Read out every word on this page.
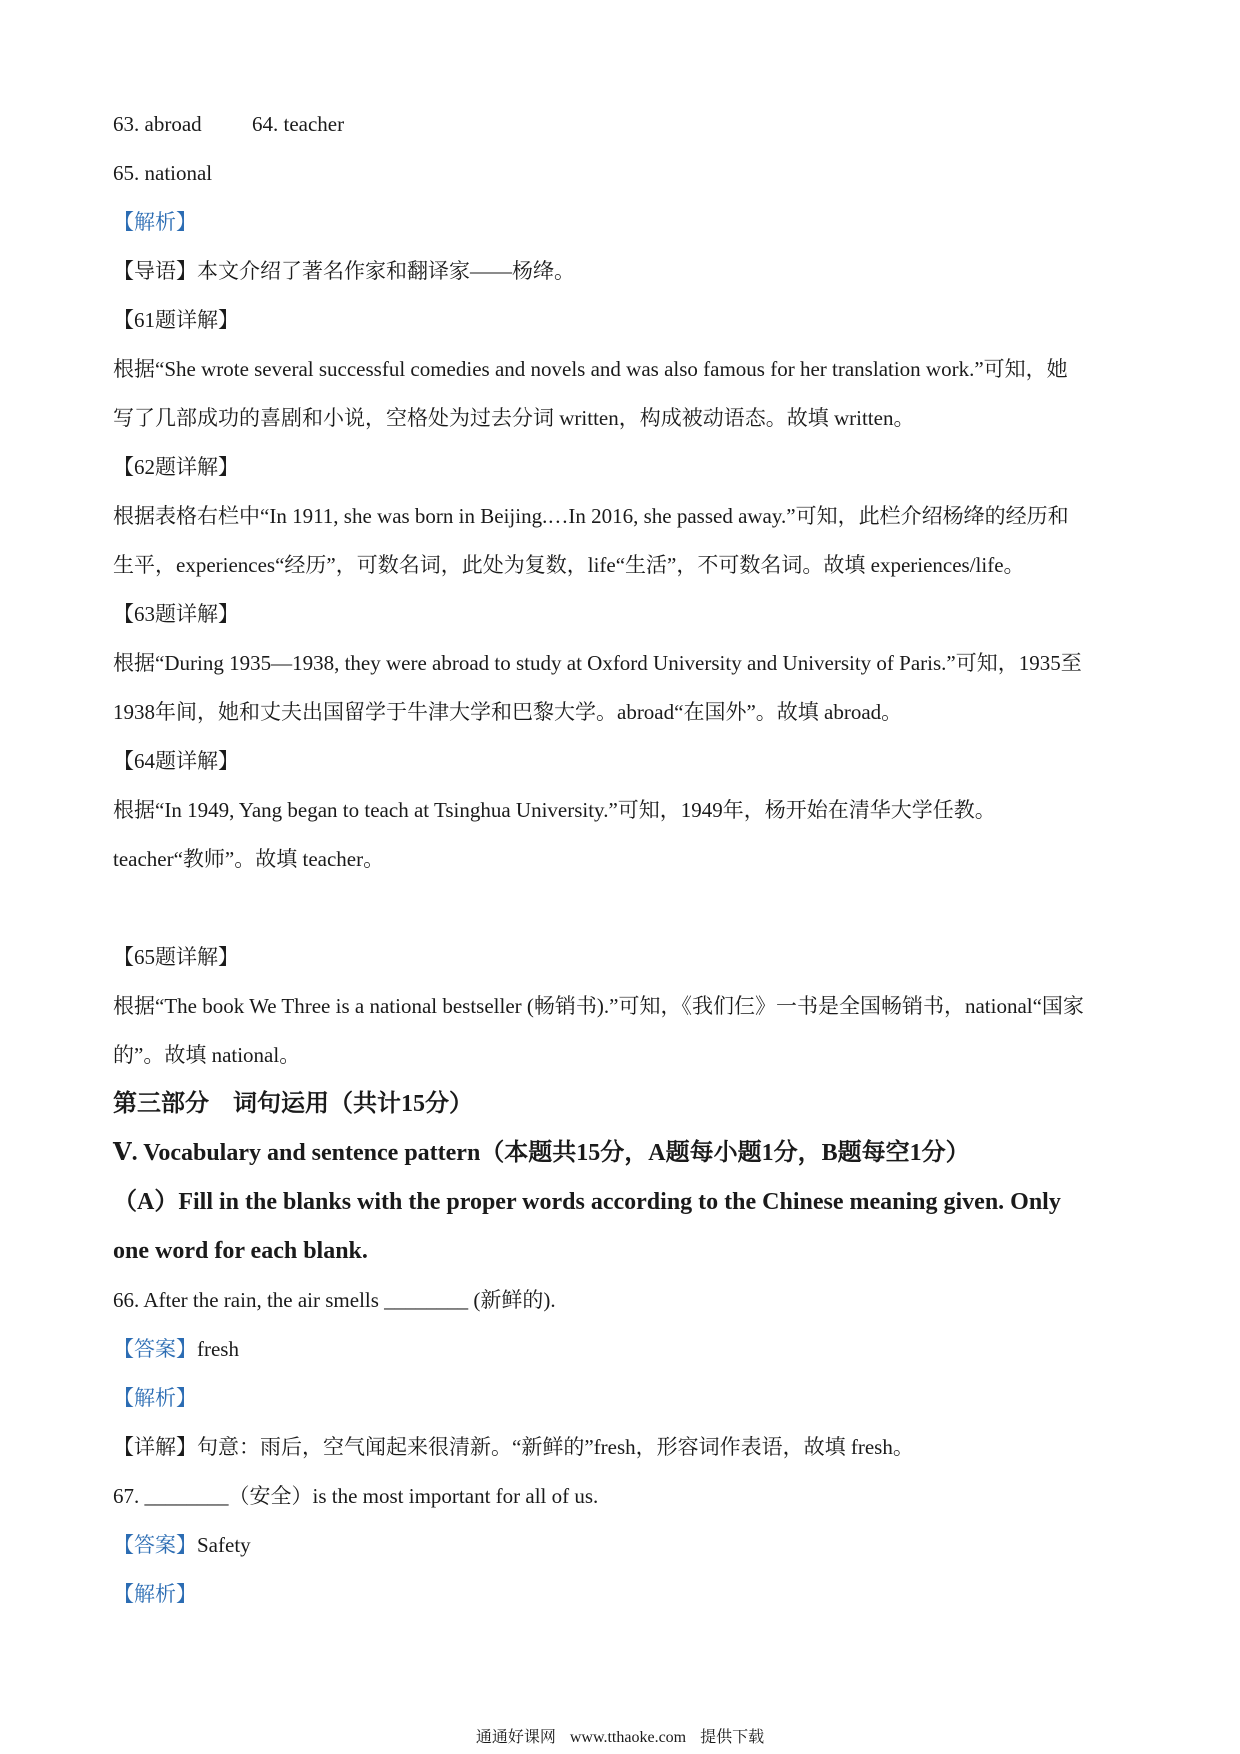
63. abroad 64. teacher
65. national
【解析】
【导语】本文介绍了著名作家和翻译家——杨绛。
【61题详解】
根据“She wrote several successful comedies and novels and was also famous for her translation work.”可知，她
写了几部成功的喜剧和小说，空格处为过去分词 written，构成被动语态。故填 written。
【62题详解】
根据表格右栏中“In 1911, she was born in Beijing.…In 2016, she passed away.”可知，此栏介绍杨绛的经历和
生平，experiences“经历”，可数名词，此处为复数，life“生活”，不可数名词。故填 experiences/life。
【63题详解】
根据“During 1935—1938, they were abroad to study at Oxford University and University of Paris.”可知，1935至
1938年间，她和丈夫出国留学于牛津大学和巴黎大学。abroad“在国外”。故填 abroad。
【64题详解】
根据“In 1949, Yang began to teach at Tsinghua University.”可知，1949年，杨开始在清华大学任教。
teacher“教师”。故填 teacher。
【65题详解】
根据“The book We Three is a national bestseller (畅销书).”可知，《我们仨》一书是全国畅销书，national“国家
的”。故填 national。
第三部分　词句运用（共计15分）
Ⅴ. Vocabulary and sentence pattern（本题共15分，A题每小题1分，B题每空1分）
（A）Fill in the blanks with the proper words according to the Chinese meaning given. Only
one word for each blank.
66. After the rain, the air smells ________ (新鲜的).
【答案】fresh
【解析】
【详解】句意：雨后，空气闻起来很清新。“新鲜的”fresh，形容词作表语，故填 fresh。
67. ________（安全）is the most important for all of us.
【答案】Safety
【解析】
通通好课网 www.tthaoke.com 提供下载
